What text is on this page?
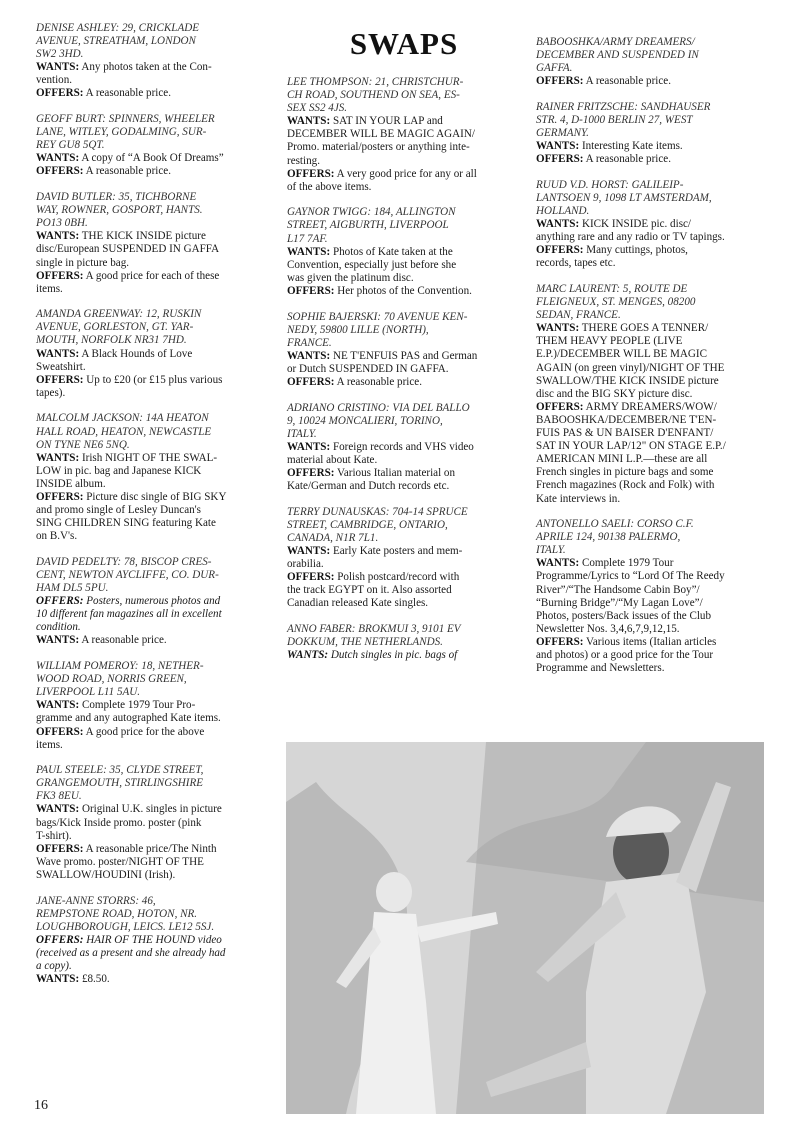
DENISE ASHLEY: 29, CRICKLADE
AVENUE, STREATHAM, LONDON
SW2 3HD.
WANTS: Any photos taken at the Con-
vention.
OFFERS: A reasonable price.
GEOFF BURT: SPINNERS, WHEELER
LANE, WITLEY, GODALMING, SUR-
REY GU8 5QT.
WANTS: A copy of “A Book Of Dreams”
OFFERS: A reasonable price.
DAVID BUTLER: 35, TICHBORNE
WAY, ROWNER, GOSPORT, HANTS.
PO13 0BH.
WANTS: THE KICK INSIDE picture
disc/European SUSPENDED IN GAFFA
single in picture bag.
OFFERS: A good price for each of these
items.
AMANDA GREENWAY: 12, RUSKIN
AVENUE, GORLESTON, GT. YAR-
MOUTH, NORFOLK NR31 7HD.
WANTS: A Black Hounds of Love
Sweatshirt.
OFFERS: Up to £20 (or £15 plus various
tapes).
MALCOLM JACKSON: 14A HEATON
HALL ROAD, HEATON, NEWCASTLE
ON TYNE NE6 5NQ.
WANTS: Irish NIGHT OF THE SWAL-
LOW in pic. bag and Japanese KICK
INSIDE album.
OFFERS: Picture disc single of BIG SKY
and promo single of Lesley Duncan's
SING CHILDREN SING featuring Kate
on B.V's.
DAVID PEDELTY: 78, BISCOP CRES-
CENT, NEWTON AYCLIFFE, CO. DUR-
HAM DL5 5PU.
OFFERS: Posters, numerous photos and
10 different fan magazines all in excellent
condition.
WANTS: A reasonable price.
WILLIAM POMEROY: 18, NETHER-
WOOD ROAD, NORRIS GREEN,
LIVERPOOL L11 5AU.
WANTS: Complete 1979 Tour Pro-
gramme and any autographed Kate items.
OFFERS: A good price for the above
items.
PAUL STEELE: 35, CLYDE STREET,
GRANGEMOUTH, STIRLINGSHIRE
FK3 8EU.
WANTS: Original U.K. singles in picture
bags/Kick Inside promo. poster (pink
T-shirt).
OFFERS: A reasonable price/The Ninth
Wave promo. poster/NIGHT OF THE
SWALLOW/HOUDINI (Irish).
JANE-ANNE STORRS: 46,
REMPSTONE ROAD, HOTON, NR.
LOUGHBOROUGH, LEICS. LE12 5SJ.
OFFERS: HAIR OF THE HOUND video
(received as a present and she already had
a copy).
WANTS: £8.50.
SWAPS
LEE THOMPSON: 21, CHRISTCHUR-
CH ROAD, SOUTHEND ON SEA, ES-
SEX SS2 4JS.
WANTS: SAT IN YOUR LAP and
DECEMBER WILL BE MAGIC AGAIN/
Promo. material/posters or anything inte-
resting.
OFFERS: A very good price for any or all
of the above items.
GAYNOR TWIGG: 184, ALLINGTON
STREET, AIGBURTH, LIVERPOOL
L17 7AF.
WANTS: Photos of Kate taken at the
Convention, especially just before she
was given the platinum disc.
OFFERS: Her photos of the Convention.
SOPHIE BAJERSKI: 70 AVENUE KEN-
NEDY, 59800 LILLE (NORTH),
FRANCE.
WANTS: NE T'ENFUIS PAS and German
or Dutch SUSPENDED IN GAFFA.
OFFERS: A reasonable price.
ADRIANO CRISTINO: VIA DEL BALLO
9, 10024 MONCALIERI, TORINO,
ITALY.
WANTS: Foreign records and VHS video
material about Kate.
OFFERS: Various Italian material on
Kate/German and Dutch records etc.
TERRY DUNAUSKAS: 704-14 SPRUCE
STREET, CAMBRIDGE, ONTARIO,
CANADA, N1R 7L1.
WANTS: Early Kate posters and mem-
orabilia.
OFFERS: Polish postcard/record with
the track EGYPT on it. Also assorted
Canadian released Kate singles.
ANNO FABER: BROKMUI 3, 9101 EV
DOKKUM, THE NETHERLANDS.
WANTS: Dutch singles in pic. bags of
BABOOSHKA/ARMY DREAMERS/
DECEMBER AND SUSPENDED IN
GAFFA.
OFFERS: A reasonable price.
RAINER FRITZSCHE: SANDHAUSER
STR. 4, D-1000 BERLIN 27, WEST
GERMANY.
WANTS: Interesting Kate items.
OFFERS: A reasonable price.
RUUD V.D. HORST: GALILEIP-
LANTSOEN 9, 1098 LT AMSTERDAM,
HOLLAND.
WANTS: KICK INSIDE pic. disc/
anything rare and any radio or TV tapings.
OFFERS: Many cuttings, photos,
records, tapes etc.
MARC LAURENT: 5, ROUTE DE
FLEIGNEUX, ST. MENGES, 08200
SEDAN, FRANCE.
WANTS: THERE GOES A TENNER/
THEM HEAVY PEOPLE (LIVE
E.P.)/DECEMBER WILL BE MAGIC
AGAIN (on green vinyl)/NIGHT OF THE
SWALLOW/THE KICK INSIDE picture
disc and the BIG SKY picture disc.
OFFERS: ARMY DREAMERS/WOW/
BABOOSHKA/DECEMBER/NE T'EN-
FUIS PAS & UN BAISER D'ENFANT/
SAT IN YOUR LAP/12" ON STAGE E.P./
AMERICAN MINI L.P.—these are all
French singles in picture bags and some
French magazines (Rock and Folk) with
Kate interviews in.
ANTONELLO SAELI: CORSO C.F.
APRILE 124, 90138 PALERMO,
ITALY.
WANTS: Complete 1979 Tour
Programme/Lyrics to “Lord Of The Reedy
River”/“The Handsome Cabin Boy”/
“Burning Bridge”/“My Lagan Love”/
Photos, posters/Back issues of the Club
Newsletter Nos. 3,4,6,7,9,12,15.
OFFERS: Various items (Italian articles
and photos) or a good price for the Tour
Programme and Newsletters.
16
